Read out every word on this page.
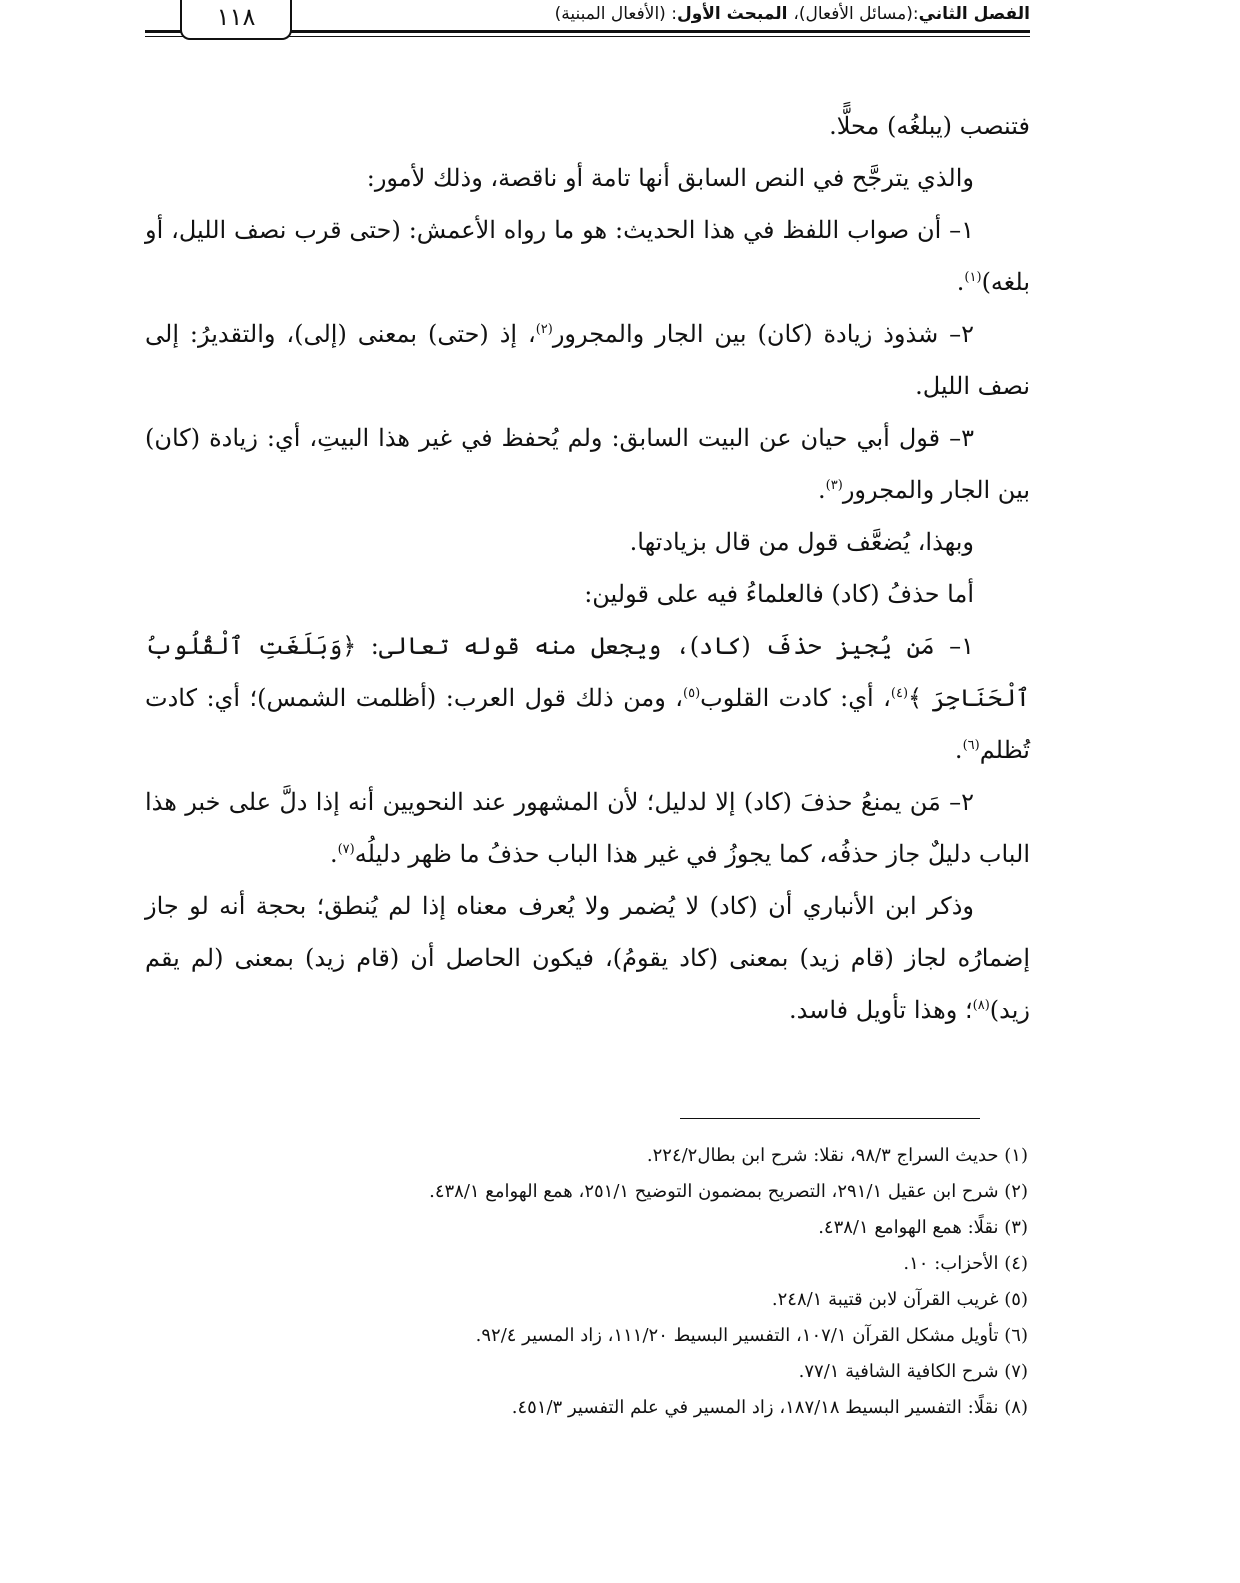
الفصل الثاني:(مسائل الأفعال)، المبحث الأول: (الأفعال المبنية)
١١٨

فتنصب (يبلغُه) محلًّا.

والذي يترجَّح في النص السابق أنها تامة أو ناقصة، وذلك لأمور:

١– أن صواب اللفظ في هذا الحديث: هو ما رواه الأعمش: (حتى قرب نصف الليل، أو بلغه)$^{(١)}$.

٢– شذوذ زيادة (كان) بين الجار والمجرور$^{(٢)}$، إذ (حتى) بمعنى (إلى)، والتقديرُ: إلى نصف الليل.

٣– قول أبي حيان عن البيت السابق: ولم يُحفظ في غير هذا البيتِ، أي: زيادة (كان) بين الجار والمجرور$^{(٣)}$.

وبهذا، يُضعَّف قول من قال بزيادتها.

أما حذفُ (كاد) فالعلماءُ فيه على قولين:

١– مَن يُجيز حذفَ (كاد)، ويجعل منه قوله تعالى: ﴿وَبَلَغَتِ ٱلْقُلُوبُ ٱلْحَنَاجِرَ ﴾$^{(٤)}$، أي: كادت القلوب$^{(٥)}$، ومن ذلك قول العرب: (أظلمت الشمس)؛ أي: كادت تُظلم$^{(٦)}$.

٢– مَن يمنعُ حذفَ (كاد) إلا لدليل؛ لأن المشهور عند النحويين أنه إذا دلَّ على خبر هذا الباب دليلٌ جاز حذفُه، كما يجوزُ في غير هذا الباب حذفُ ما ظهر دليلُه$^{(٧)}$.

وذكر ابن الأنباري أن (كاد) لا يُضمر ولا يُعرف معناه إذا لم يُنطق؛ بحجة أنه لو جاز إضمارُه لجاز (قام زيد) بمعنى (كاد يقومُ)، فيكون الحاصل أن (قام زيد) بمعنى (لم يقم زيد)$^{(٨)}$؛ وهذا تأويل فاسد.

(١) حديث السراج ٩٨/٣، نقلا: شرح ابن بطال٢٢٤/٢.

(٢) شرح ابن عقيل ٢٩١/١، التصريح بمضمون التوضيح ٢٥١/١، همع الهوامع ٤٣٨/١.

(٣) نقلًا: همع الهوامع ٤٣٨/١.

(٤) الأحزاب: ١٠.

(٥) غريب القرآن لابن قتيبة ٢٤٨/١.

(٦) تأويل مشكل القرآن ١٠٧/١، التفسير البسيط ١١١/٢٠، زاد المسير ٩٢/٤.

(٧) شرح الكافية الشافية ٧٧/١.

(٨) نقلًا: التفسير البسيط ١٨٧/١٨، زاد المسير في علم التفسير ٤٥١/٣.
